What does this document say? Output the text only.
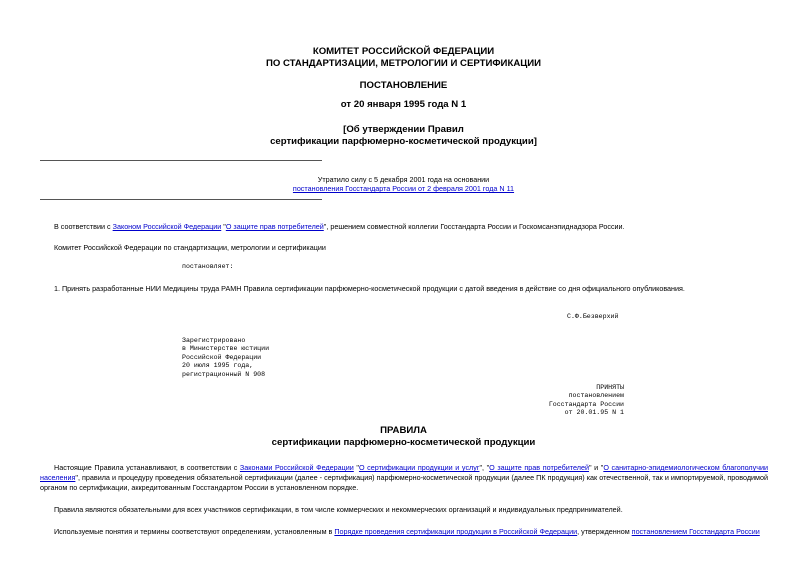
КОМИТЕТ РОССИЙСКОЙ ФЕДЕРАЦИИ
ПО СТАНДАРТИЗАЦИИ, МЕТРОЛОГИИ И СЕРТИФИКАЦИИ
ПОСТАНОВЛЕНИЕ
от 20 января 1995 года N 1
[Об утверждении Правил
сертификации парфюмерно-косметической продукции]
Утратило силу с 5 декабря 2001 года на основании
постановления Госстандарта России от 2 февраля 2001 года N 11
В соответствии с Законом Российской Федерации "О защите прав потребителей", решением совместной коллегии Госстандарта России и Госкомсанэпиднадзора России.
Комитет Российской Федерации по стандартизации, метрологии и сертификации
постановляет:
1. Принять разработанные НИИ Медицины труда РАМН Правила сертификации парфюмерно-косметической продукции с датой введения в действие со дня официального опубликования.
С.Ф.Безверхий
Зарегистрировано
в Министерстве юстиции
Российской Федерации
20 июля 1995 года,
регистрационный N 908
ПРИНЯТЫ
постановлением
Госстандарта России
от 20.01.95 N 1
ПРАВИЛА
сертификации парфюмерно-косметической продукции
Настоящие Правила устанавливают, в соответствии с Законами Российской Федерации "О сертификации продукции и услуг", "О защите прав потребителей" и "О санитарно-эпидемиологическом благополучии населения", правила и процедуру проведения обязательной сертификации (далее - сертификация) парфюмерно-косметической продукции (далее ПК продукция) как отечественной, так и импортируемой, проводимой органом по сертификации, аккредитованным Госстандартом России в установленном порядке.
Правила являются обязательными для всех участников сертификации, в том числе коммерческих и некоммерческих организаций и индивидуальных предпринимателей.
Используемые понятия и термины соответствуют определениям, установленным в Порядке проведения сертификации продукции в Российской Федерации, утвержденном постановлением Госстандарта России
